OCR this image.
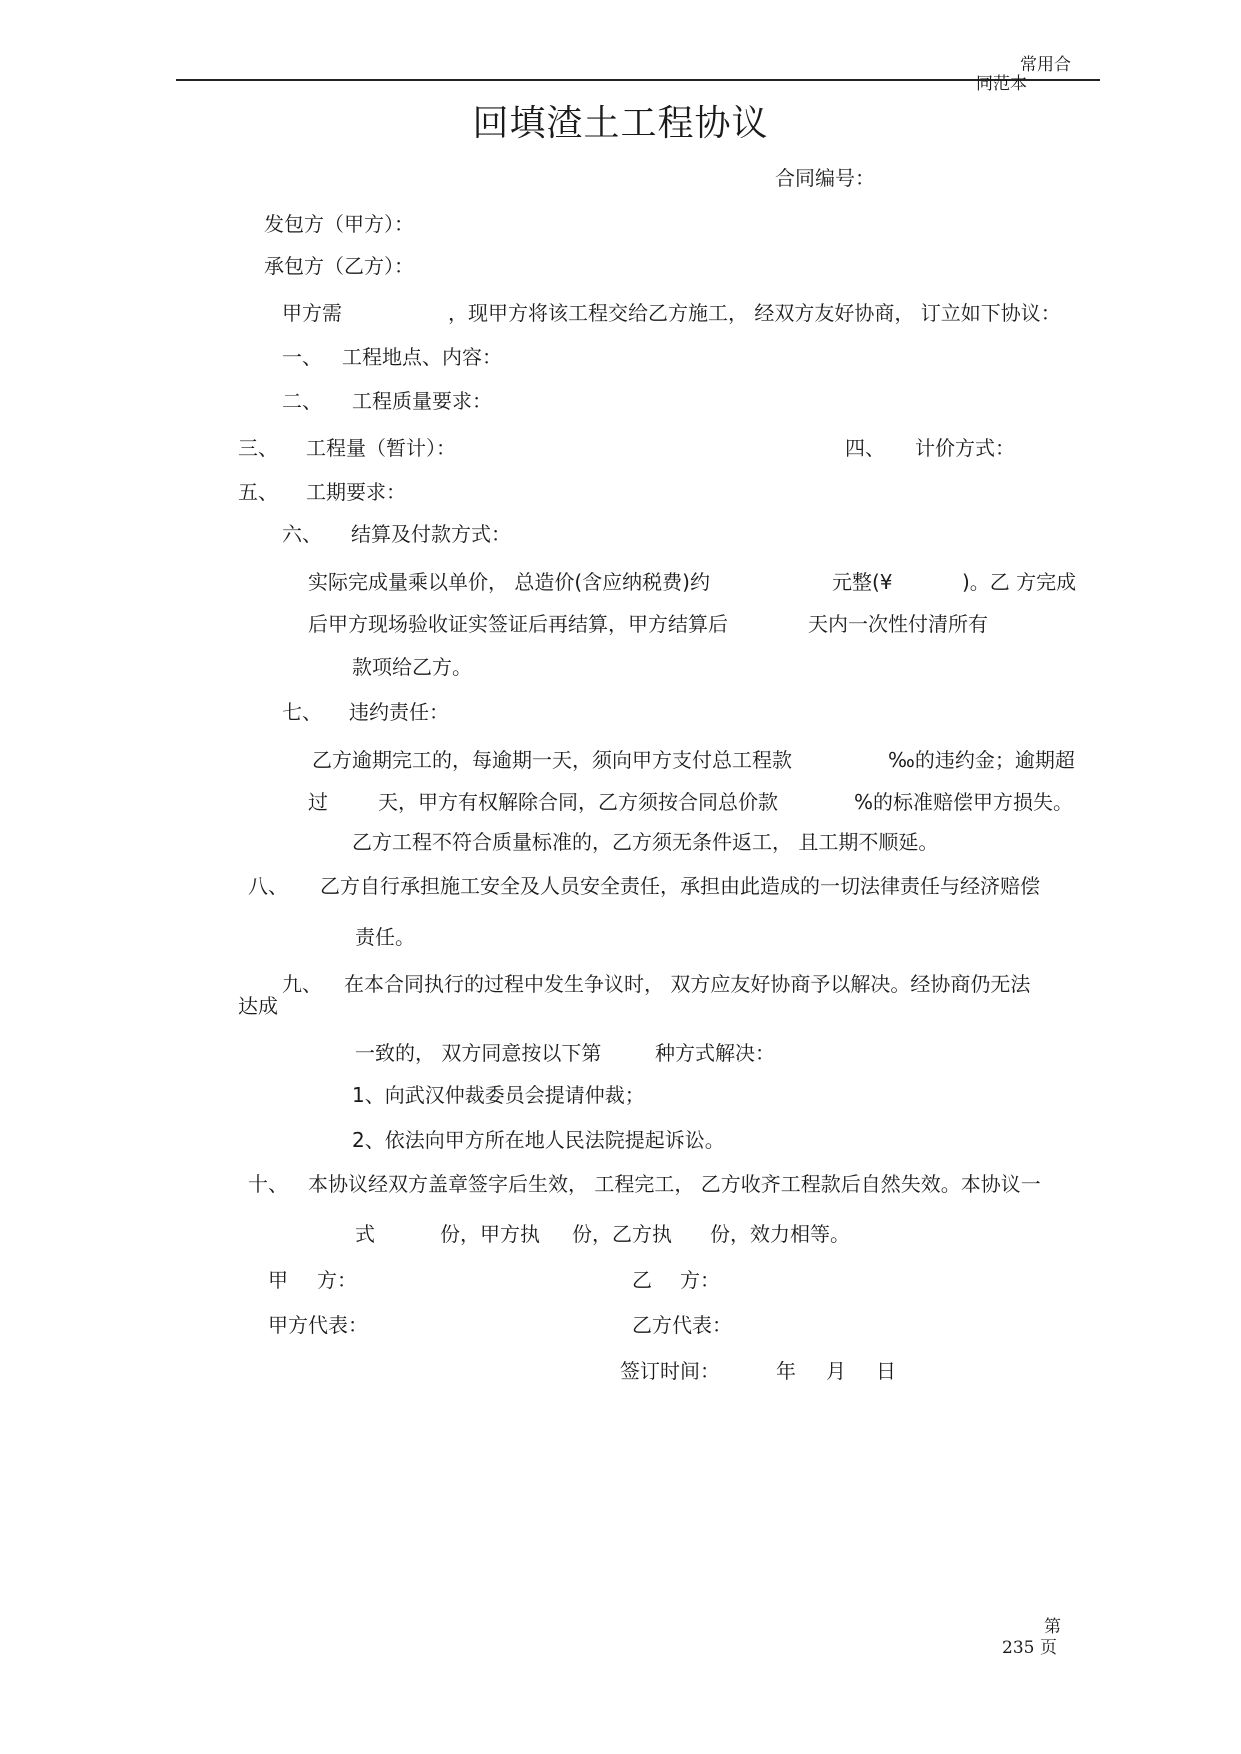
常用合
同范本
回填渣土工程协议
合同编号：
发包方（甲方）：
承包方（乙方）：
甲方需	，现甲方将该工程交给乙方施工， 经双方友好协商， 订立如下协议：
一、 工程地点、内容：
二、 工程质量要求：
三、 工程量（暂计）：	四、 计价方式：
五、 工期要求：
六、 结算及付款方式：
实际完成量乘以单价， 总造价(含应纳税费)约	元整(¥	)。乙 方完成
后甲方现场验收证实签证后再结算，甲方结算后	天内一次性付清所有
款项给乙方。
七、 违约责任：
乙方逾期完工的，每逾期一天，须向甲方支付总工程款	‰的违约金；逾期超
过	天，甲方有权解除合同，乙方须按合同总价款	%的标准赔偿甲方损失。
乙方工程不符合质量标准的，乙方须无条件返工， 且工期不顺延。
八、 乙方自行承担施工安全及人员安全责任，承担由此造成的一切法律责任与经济赔偿
责任。
九、 在本合同执行的过程中发生争议时， 双方应友好协商予以解决。经协商仍无法
达成
一致的， 双方同意按以下第	种方式解决：
1、向武汉仲裁委员会提请仲裁；
2、依法向甲方所在地人民法院提起诉讼。
十、 本协议经双方盖章签字后生效， 工程完工， 乙方收齐工程款后自然失效。本协议一
式	份，甲方执 份，乙方执 份，效力相等。
甲 方：	乙 方：
甲方代表：	乙方代表：
签订时间：	年 月 日
第
235 页
